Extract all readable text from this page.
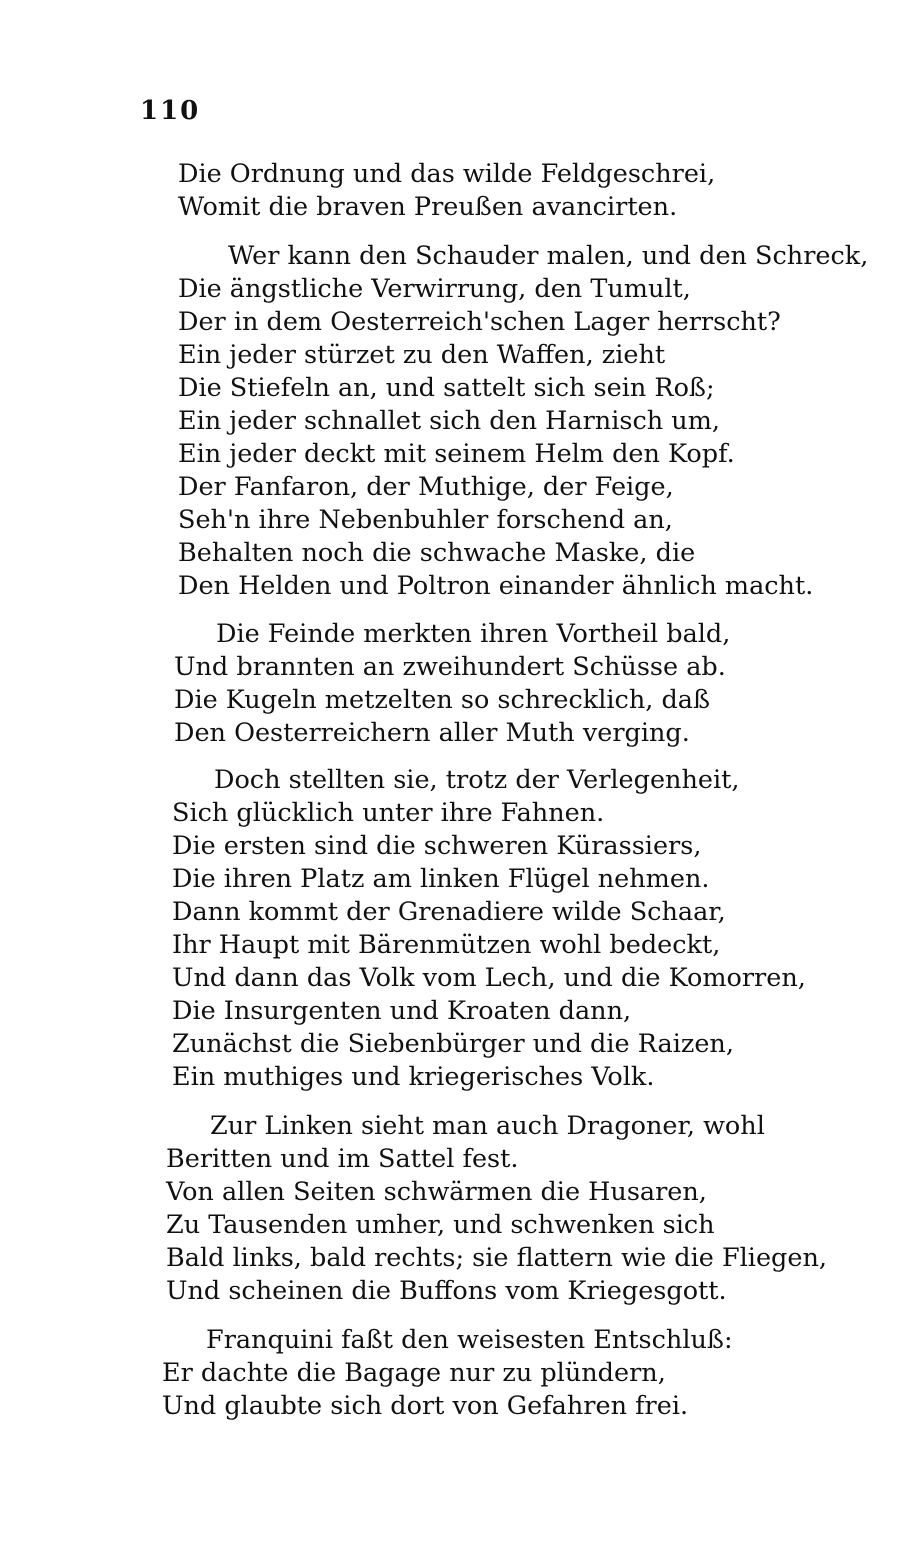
110
Die Ordnung und das wilde Feldgeschrei,
Womit die braven Preußen avancirten.
Wer kann den Schauder malen, und den Schreck,
Die ängstliche Verwirrung, den Tumult,
Der in dem Oesterreich'schen Lager herrscht?
Ein jeder stürzet zu den Waffen, zieht
Die Stiefeln an, und sattelt sich sein Roß;
Ein jeder schnallet sich den Harnisch um,
Ein jeder deckt mit seinem Helm den Kopf.
Der Fanfaron, der Muthige, der Feige,
Seh'n ihre Nebenbuhler forschend an,
Behalten noch die schwache Maske, die
Den Helden und Poltron einander ähnlich macht.
Die Feinde merkten ihren Vortheil bald,
Und brannten an zweihundert Schüsse ab.
Die Kugeln metzelten so schrecklich, daß
Den Oesterreichern aller Muth verging.
Doch stellten sie, trotz der Verlegenheit,
Sich glücklich unter ihre Fahnen.
Die ersten sind die schweren Kürassiers,
Die ihren Platz am linken Flügel nehmen.
Dann kommt der Grenadiere wilde Schaar,
Ihr Haupt mit Bärenmützen wohl bedeckt,
Und dann das Volk vom Lech, und die Komorren,
Die Insurgenten und Kroaten dann,
Zunächst die Siebenbürger und die Raizen,
Ein muthiges und kriegerisches Volk.
Zur Linken sieht man auch Dragoner, wohl
Beritten und im Sattel fest.
Von allen Seiten schwärmen die Husaren,
Zu Tausenden umher, und schwenken sich
Bald links, bald rechts; sie flattern wie die Fliegen,
Und scheinen die Buffons vom Kriegesgott.
Franquini faßt den weisesten Entschluß:
Er dachte die Bagage nur zu plündern,
Und glaubte sich dort von Gefahren frei.
